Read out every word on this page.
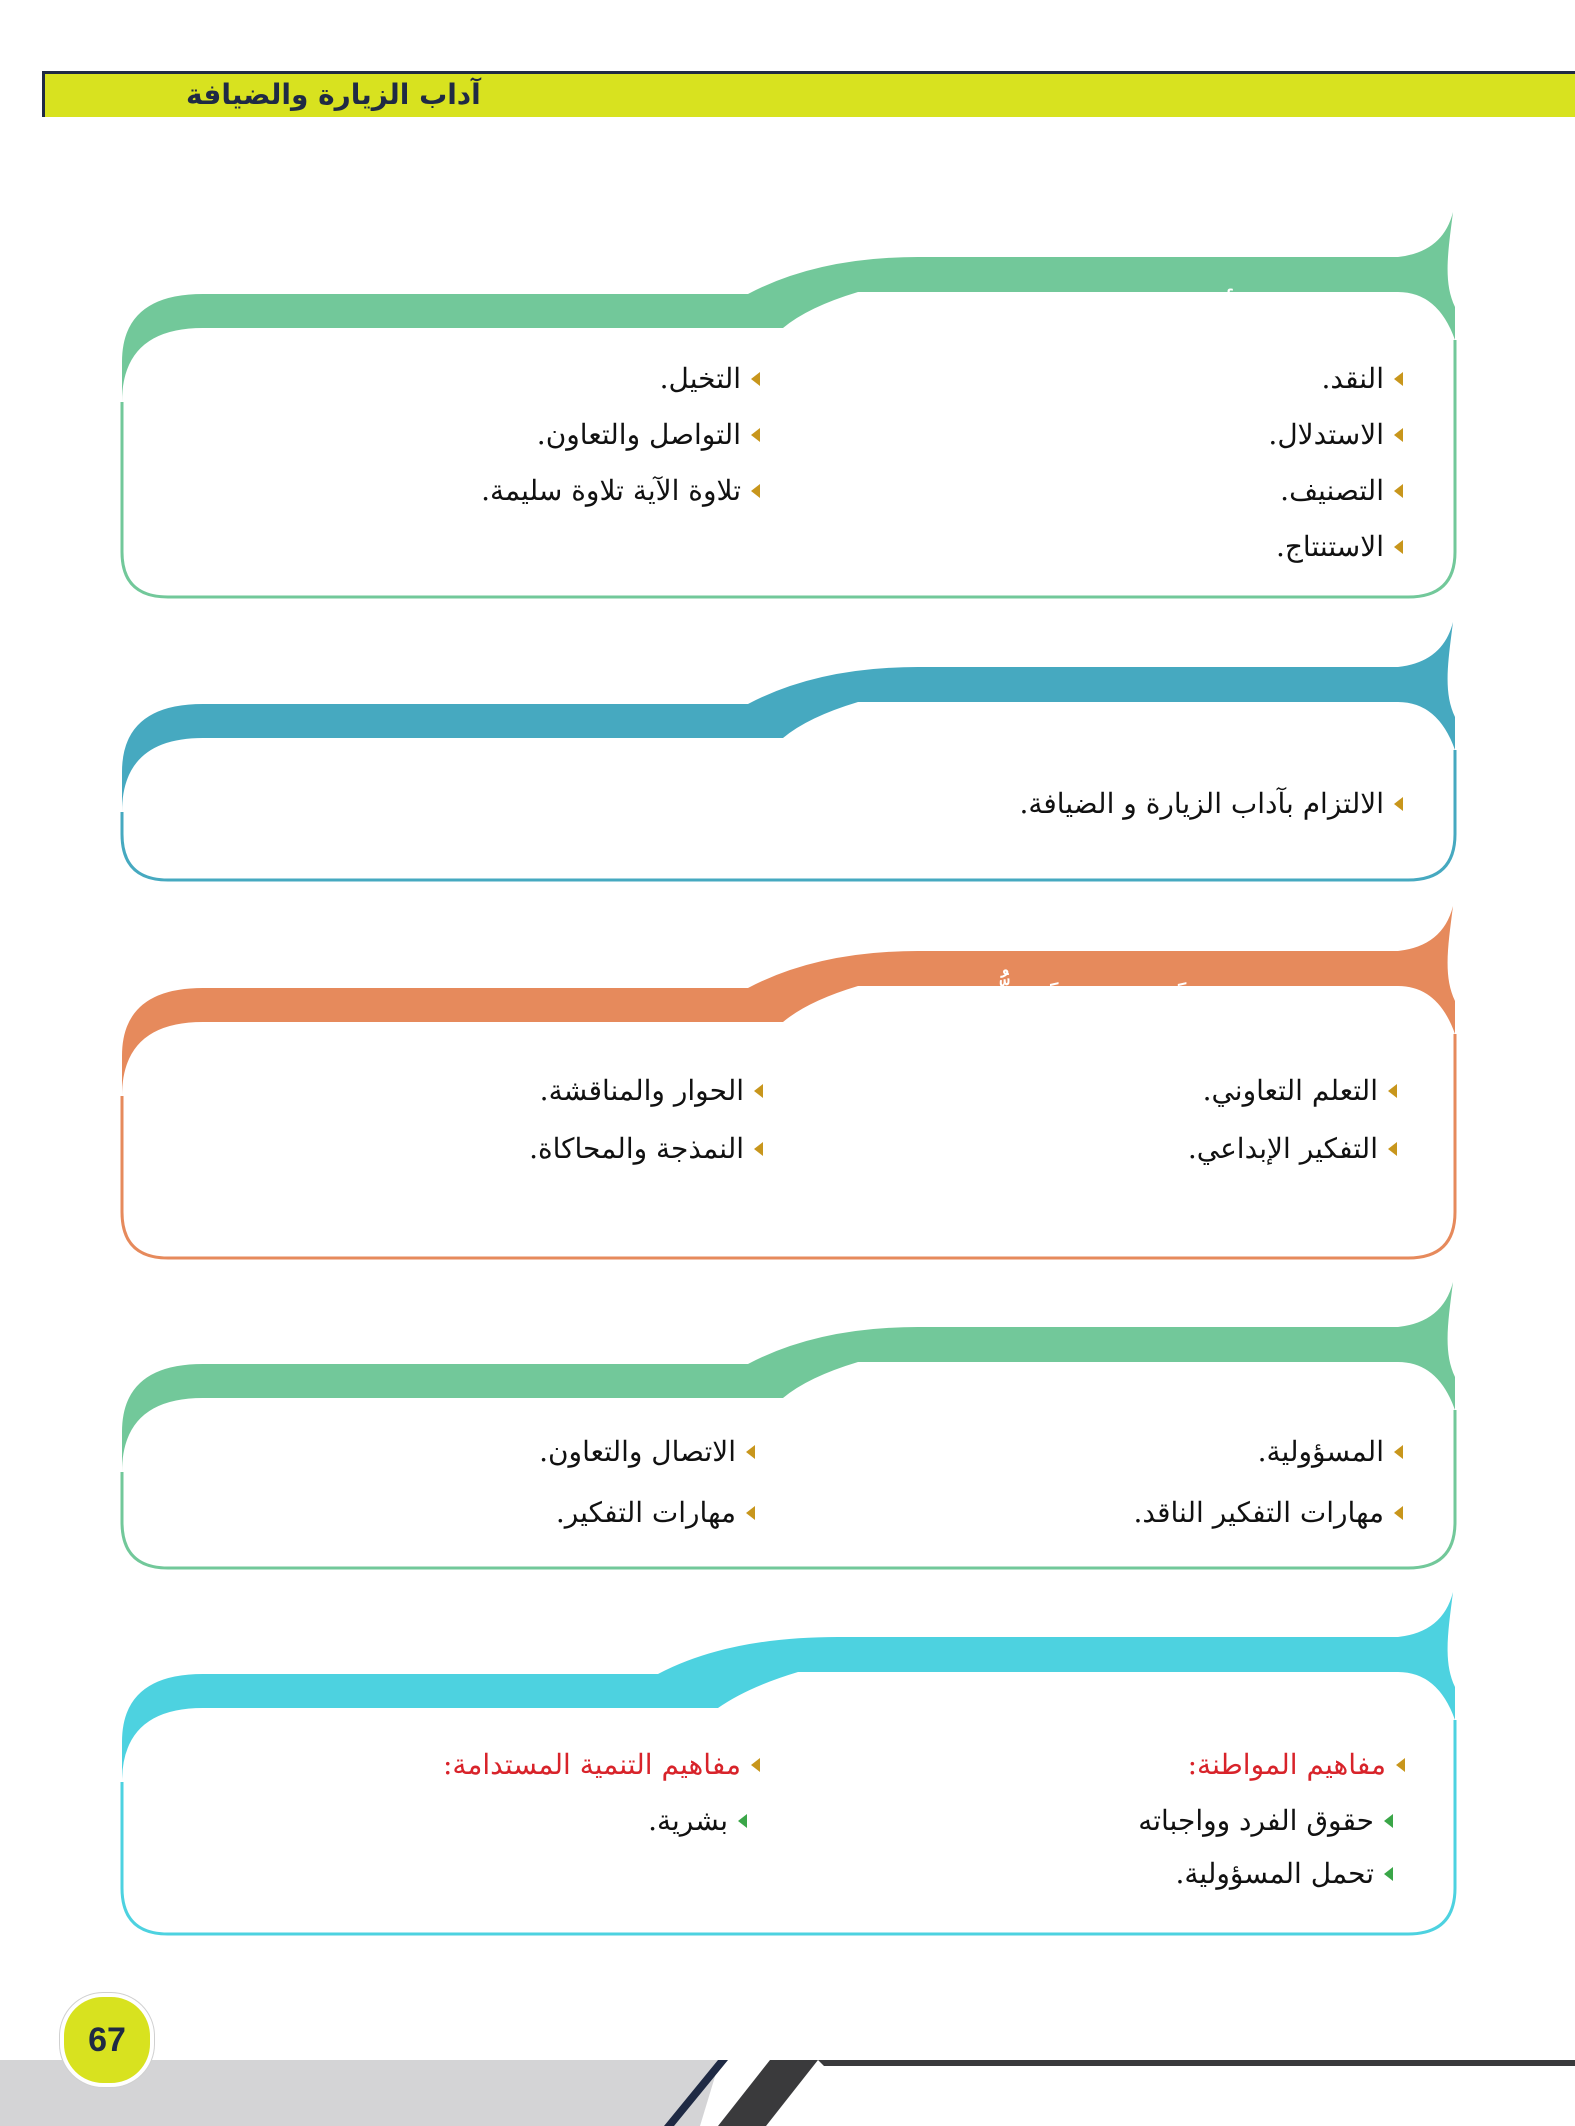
آداب الزيارة والضيافة
المهارات الأدائية ومهارات التفكير
النقد.
الاستدلال.
التصنيف.
الاستنتاج.
التخيل.
التواصل والتعاون.
تلاوة الآية تلاوة سليمة.
القيم والاتجاهات
الالتزام بآداب الزيارة و الضيافة.
إستراتيجيّات التَّعليم والتَّعــلُّم
التعلم التعاوني.
التفكير الإبداعي.
الحوار والمناقشة.
النمذجة والمحاكاة.
مهارات القرن (21)
المسؤولية.
مهارات التفكير الناقد.
الاتصال والتعاون.
مهارات التفكير.
المفاهيم
مفاهيم المواطنة:
حقوق الفرد وواجباته
تحمل المسؤولية.
مفاهيم التنمية المستدامة:
بشرية.
67
